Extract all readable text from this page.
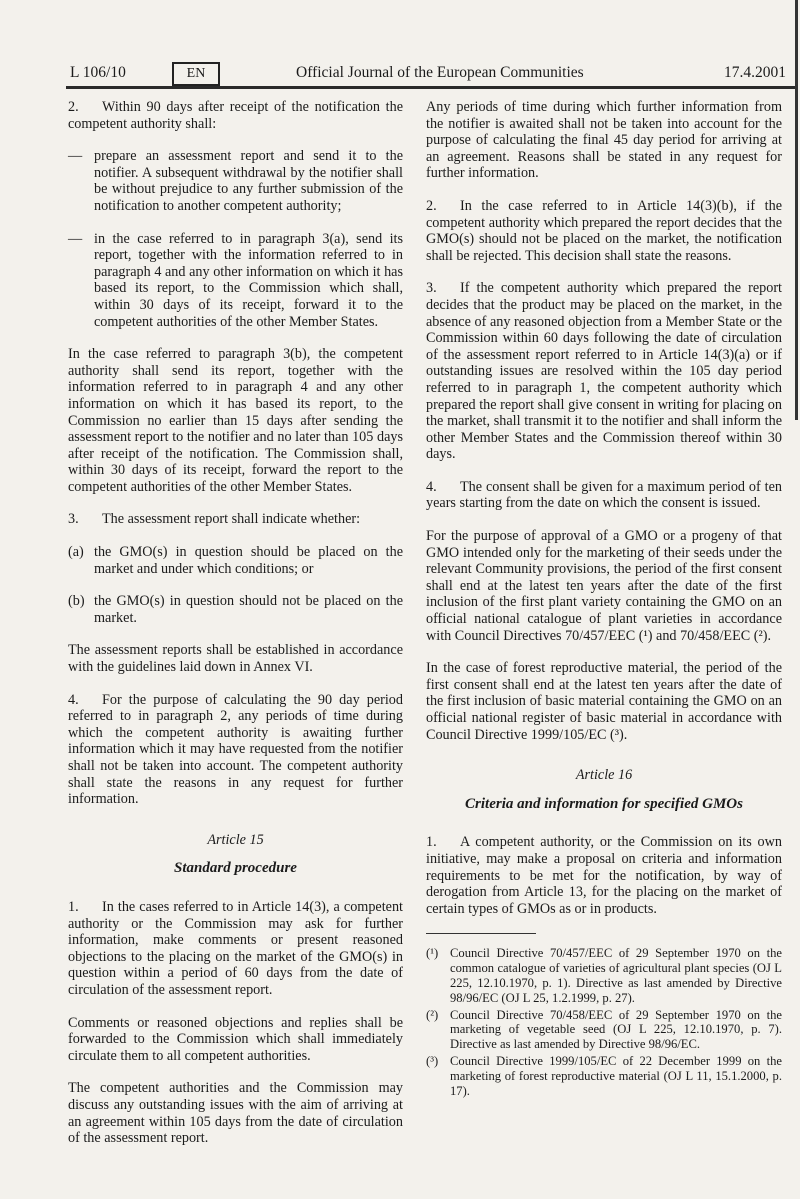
L 106/10	EN	Official Journal of the European Communities	17.4.2001

2. Within 90 days after receipt of the notification the competent authority shall:

— prepare an assessment report and send it to the notifier. A subsequent withdrawal by the notifier shall be without prejudice to any further submission of the notification to another competent authority;
— in the case referred to in paragraph 3(a), send its report, together with the information referred to in paragraph 4 and any other information on which it has based its report, to the Commission which shall, within 30 days of its receipt, forward it to the competent authorities of the other Member States.

In the case referred to paragraph 3(b), the competent authority shall send its report, together with the information referred to in paragraph 4 and any other information on which it has based its report, to the Commission no earlier than 15 days after sending the assessment report to the notifier and no later than 105 days after receipt of the notification. The Commission shall, within 30 days of its receipt, forward the report to the competent authorities of the other Member States.

3. The assessment report shall indicate whether:

(a) the GMO(s) in question should be placed on the market and under which conditions; or
(b) the GMO(s) in question should not be placed on the market.

The assessment reports shall be established in accordance with the guidelines laid down in Annex VI.

4. For the purpose of calculating the 90 day period referred to in paragraph 2, any periods of time during which the competent authority is awaiting further information which it may have requested from the notifier shall not be taken into account. The competent authority shall state the reasons in any request for further information.

Article 15
Standard procedure

1. In the cases referred to in Article 14(3), a competent authority or the Commission may ask for further information, make comments or present reasoned objections to the placing on the market of the GMO(s) in question within a period of 60 days from the date of circulation of the assessment report.

Comments or reasoned objections and replies shall be forwarded to the Commission which shall immediately circulate them to all competent authorities.

The competent authorities and the Commission may discuss any outstanding issues with the aim of arriving at an agreement within 105 days from the date of circulation of the assessment report.

Any periods of time during which further information from the notifier is awaited shall not be taken into account for the purpose of calculating the final 45 day period for arriving at an agreement. Reasons shall be stated in any request for further information.

2. In the case referred to in Article 14(3)(b), if the competent authority which prepared the report decides that the GMO(s) should not be placed on the market, the notification shall be rejected. This decision shall state the reasons.

3. If the competent authority which prepared the report decides that the product may be placed on the market, in the absence of any reasoned objection from a Member State or the Commission within 60 days following the date of circulation of the assessment report referred to in Article 14(3)(a) or if outstanding issues are resolved within the 105 day period referred to in paragraph 1, the competent authority which prepared the report shall give consent in writing for placing on the market, shall transmit it to the notifier and shall inform the other Member States and the Commission thereof within 30 days.

4. The consent shall be given for a maximum period of ten years starting from the date on which the consent is issued.

For the purpose of approval of a GMO or a progeny of that GMO intended only for the marketing of their seeds under the relevant Community provisions, the period of the first consent shall end at the latest ten years after the date of the first inclusion of the first plant variety containing the GMO on an official national catalogue of plant varieties in accordance with Council Directives 70/457/EEC (¹) and 70/458/EEC (²).

In the case of forest reproductive material, the period of the first consent shall end at the latest ten years after the date of the first inclusion of basic material containing the GMO on an official national register of basic material in accordance with Council Directive 1999/105/EC (³).

Article 16
Criteria and information for specified GMOs

1. A competent authority, or the Commission on its own initiative, may make a proposal on criteria and information requirements to be met for the notification, by way of derogation from Article 13, for the placing on the market of certain types of GMOs as or in products.

(¹) Council Directive 70/457/EEC of 29 September 1970 on the common catalogue of varieties of agricultural plant species (OJ L 225, 12.10.1970, p. 1). Directive as last amended by Directive 98/96/EC (OJ L 25, 1.2.1999, p. 27).
(²) Council Directive 70/458/EEC of 29 September 1970 on the marketing of vegetable seed (OJ L 225, 12.10.1970, p. 7). Directive as last amended by Directive 98/96/EC.
(³) Council Directive 1999/105/EC of 22 December 1999 on the marketing of forest reproductive material (OJ L 11, 15.1.2000, p. 17).
